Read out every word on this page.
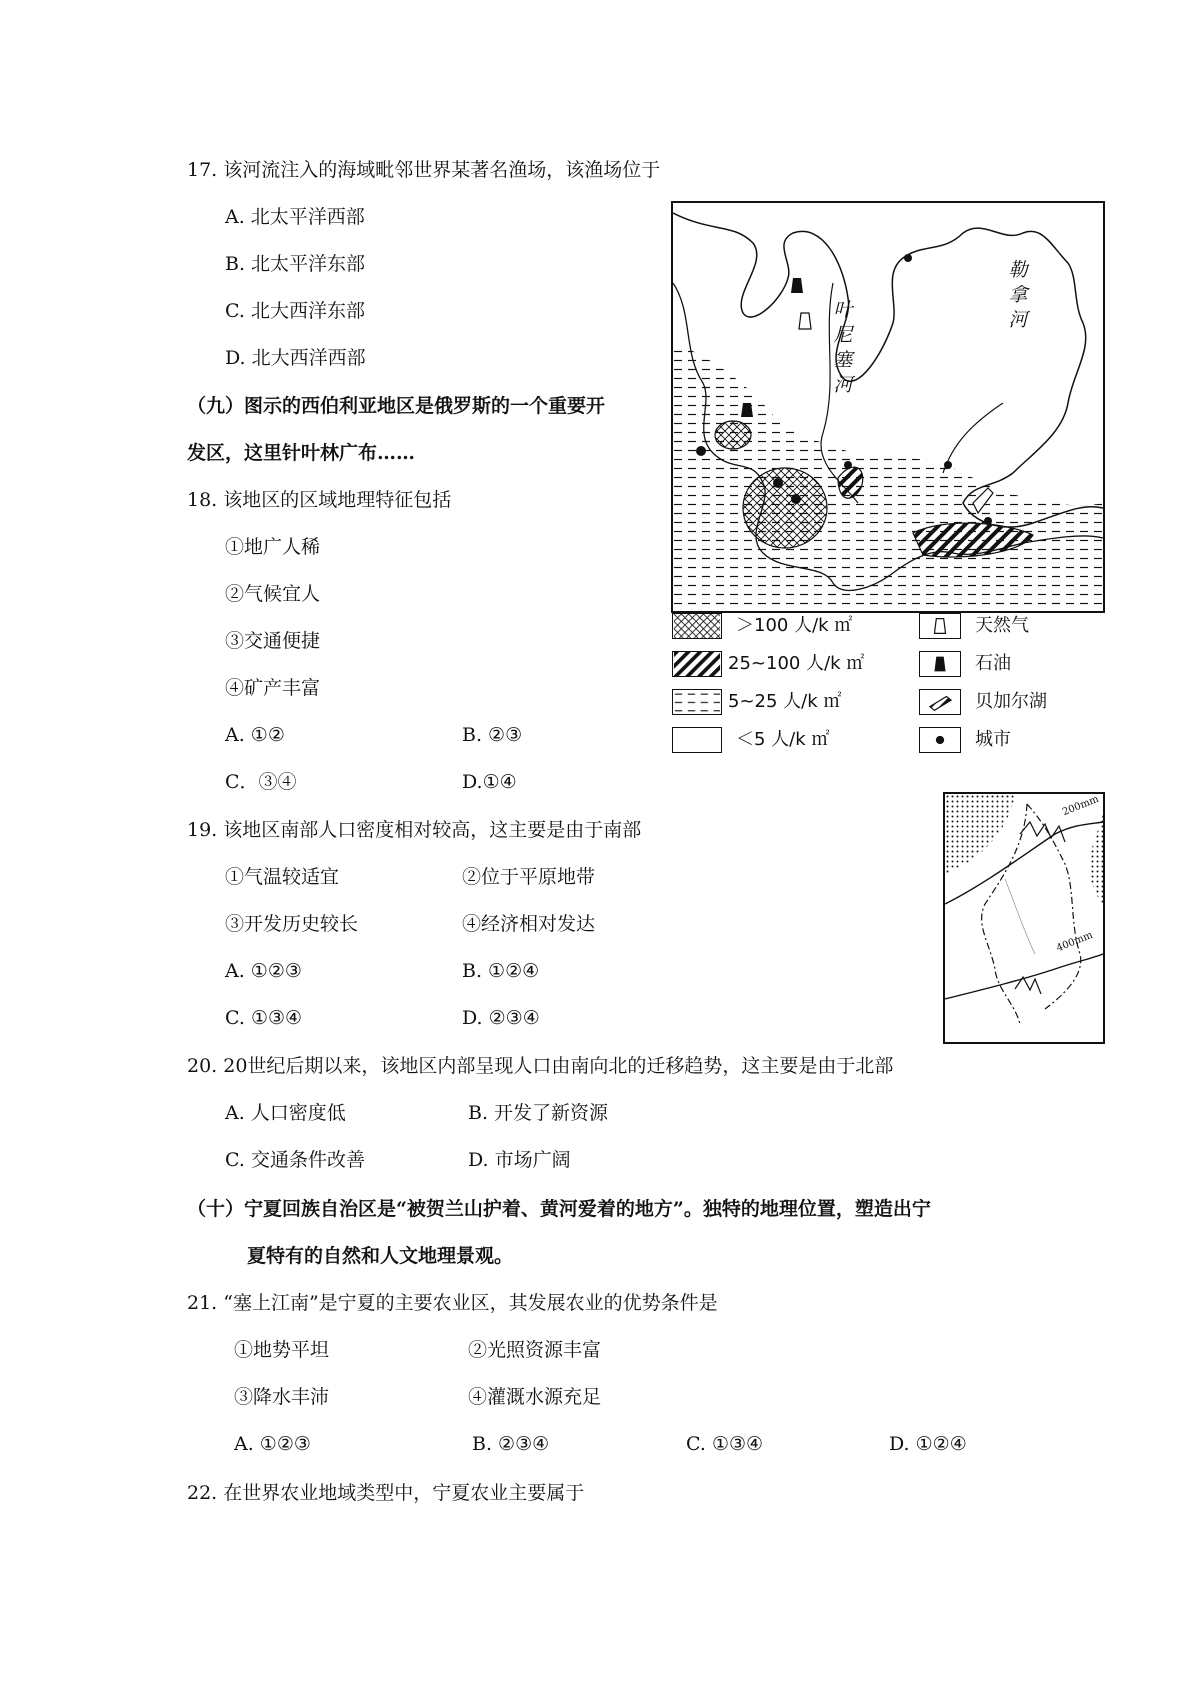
17. 该河流注入的海域毗邻世界某著名渔场，该渔场位于
A. 北太平洋西部
B. 北太平洋东部
C. 北大西洋东部
D. 北大西洋西部
（九）图示的西伯利亚地区是俄罗斯的一个重要开
发区，这里针叶林广布……
18. 该地区的区域地理特征包括
①地广人稀
②气候宜人
③交通便捷
④矿产丰富
A. ①②	B. ②③
C．③④	D.①④
19. 该地区南部人口密度相对较高，这主要是由于南部
①气温较适宜	②位于平原地带
③开发历史较长	④经济相对发达
A. ①②③	B. ①②④
C. ①③④	D. ②③④
20. 20世纪后期以来，该地区内部呈现人口由南向北的迁移趋势，这主要是由于北部
A. 人口密度低	B. 开发了新资源
C. 交通条件改善	D. 市场广阔
（十）宁夏回族自治区是“被贺兰山护着、黄河爱着的地方”。独特的地理位置，塑造出宁
夏特有的自然和人文地理景观。
21. “塞上江南”是宁夏的主要农业区，其发展农业的优势条件是
①地势平坦	②光照资源丰富
③降水丰沛	④灌溉水源充足
A. ①②③	B. ②③④	C. ①③④	D. ①②④
22. 在世界农业地域类型中，宁夏农业主要属于
叶尼塞河
勒拿河
＞100 人/k ㎡
25~100 人/k ㎡
5~25 人/k ㎡
＜5 人/k ㎡
天然气
石油
贝加尔湖
城市
200mm
400mm
